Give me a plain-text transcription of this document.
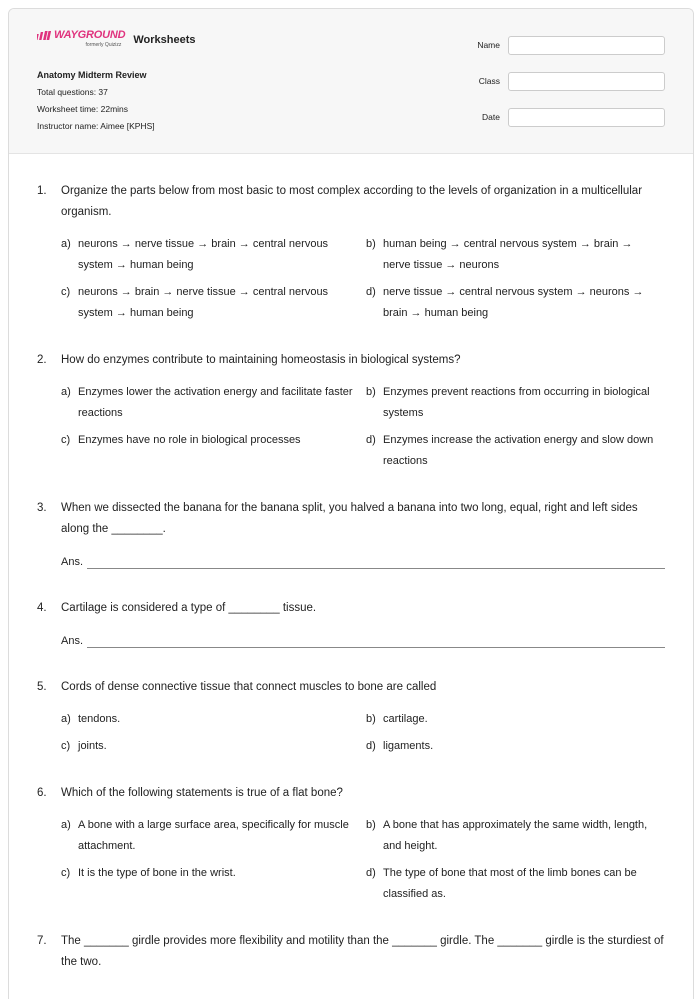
WAYGROUND
formerly Quizizz Worksheets
Anatomy Midterm Review
Total questions: 37
Worksheet time: 22mins
Instructor name: Aimee [KPHS]
Name
Class
Date
1. Organize the parts below from most basic to most complex according to the levels of organization in a multicellular organism.
a) neurons → nerve tissue → brain → central nervous system → human being
b) human being → central nervous system → brain → nerve tissue → neurons
c) neurons → brain → nerve tissue → central nervous system → human being
d) nerve tissue → central nervous system → neurons → brain → human being
2. How do enzymes contribute to maintaining homeostasis in biological systems?
a) Enzymes lower the activation energy and facilitate faster reactions
b) Enzymes prevent reactions from occurring in biological systems
c) Enzymes have no role in biological processes	d) Enzymes increase the activation energy and slow down reactions
3. When we dissected the banana for the banana split, you halved a banana into two long, equal, right and left sides along the ________.
Ans.
4. Cartilage is considered a type of ________ tissue.
Ans.
5. Cords of dense connective tissue that connect muscles to bone are called
a) tendons.	b) cartilage.
c) joints.	d) ligaments.
6. Which of the following statements is true of a flat bone?
a) A bone with a large surface area, specifically for muscle attachment.
b) A bone that has approximately the same width, length, and height.
c) It is the type of bone in the wrist.	d) The type of bone that most of the limb bones can be classified as.
7. The _______ girdle provides more flexibility and motility than the _______ girdle. The _______ girdle is the sturdiest of the two.
